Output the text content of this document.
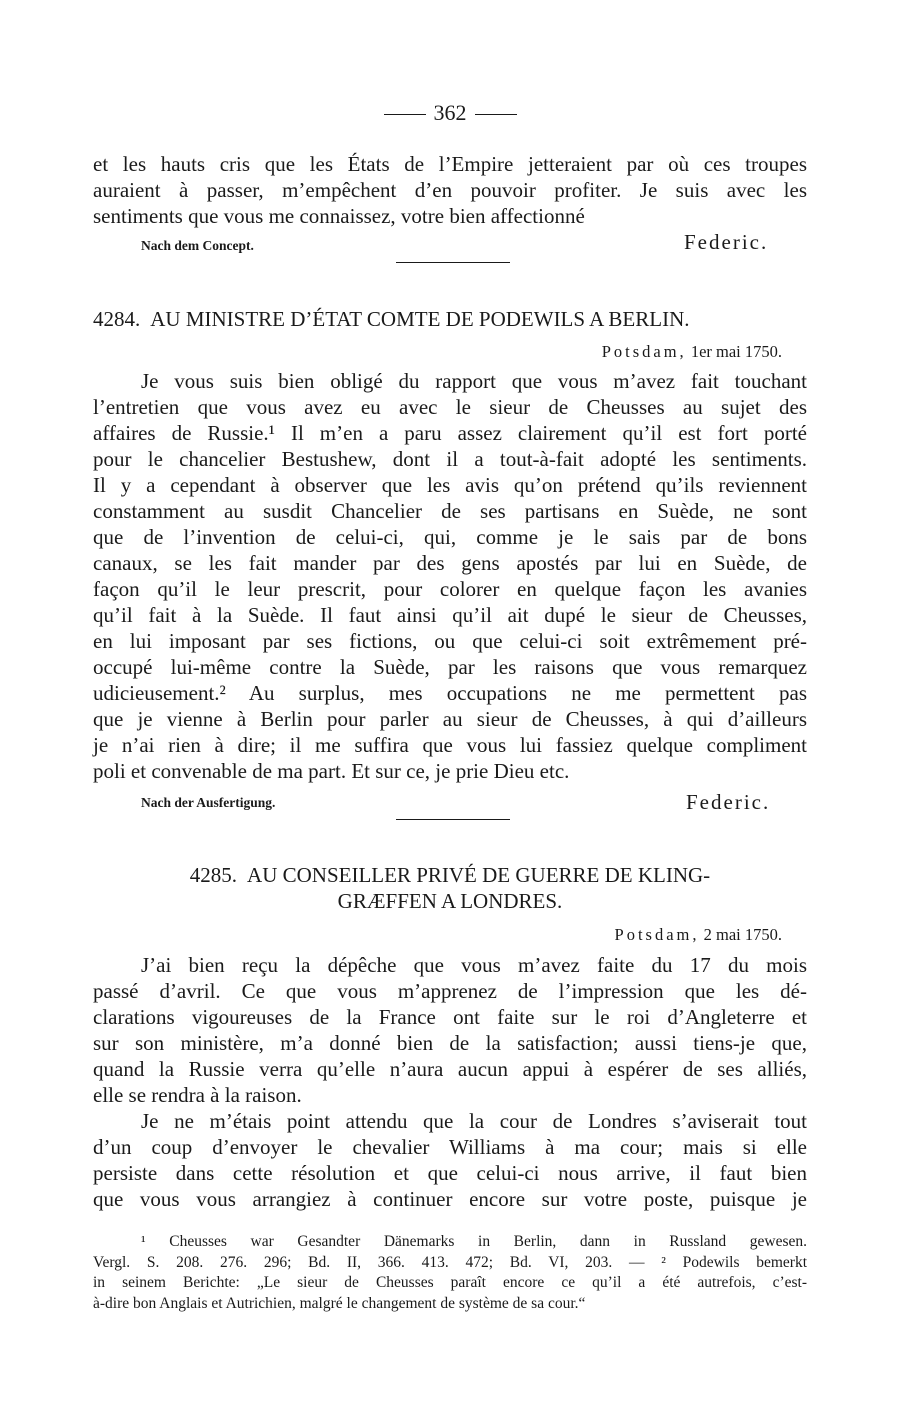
362
et les hauts cris que les États de l’Empire jetteraient par où ces troupes
auraient à passer, m’empêchent d’en pouvoir profiter. Je suis avec les
sentiments que vous me connaissez, votre bien affectionné
Nach dem Concept.	Federic.
4284. AU MINISTRE D’ÉTAT COMTE DE PODEWILS A BERLIN.
Potsdam, 1er mai 1750.
Je vous suis bien obligé du rapport que vous m’avez fait touchant
l’entretien que vous avez eu avec le sieur de Cheusses au sujet des
affaires de Russie.¹ Il m’en a paru assez clairement qu’il est fort porté
pour le chancelier Bestushew, dont il a tout-à-fait adopté les sentiments.
Il y a cependant à observer que les avis qu’on prétend qu’ils reviennent
constamment au susdit Chancelier de ses partisans en Suède, ne sont
que de l’invention de celui-ci, qui, comme je le sais par de bons
canaux, se les fait mander par des gens apostés par lui en Suède, de
façon qu’il le leur prescrit, pour colorer en quelque façon les avanies
qu’il fait à la Suède. Il faut ainsi qu’il ait dupé le sieur de Cheusses,
en lui imposant par ses fictions, ou que celui-ci soit extrêmement pré-
occupé lui-même contre la Suède, par les raisons que vous remarquez
udicieusement.² Au surplus, mes occupations ne me permettent pas
que je vienne à Berlin pour parler au sieur de Cheusses, à qui d’ailleurs
je n’ai rien à dire; il me suffira que vous lui fassiez quelque compliment
poli et convenable de ma part. Et sur ce, je prie Dieu etc.
Nach der Ausfertigung.	Federic.
4285. AU CONSEILLER PRIVÉ DE GUERRE DE KLING-
GRÆFFEN A LONDRES.
Potsdam, 2 mai 1750.
J’ai bien reçu la dépêche que vous m’avez faite du 17 du mois
passé d’avril. Ce que vous m’apprenez de l’impression que les dé-
clarations vigoureuses de la France ont faite sur le roi d’Angleterre et
sur son ministère, m’a donné bien de la satisfaction; aussi tiens-je que,
quand la Russie verra qu’elle n’aura aucun appui à espérer de ses alliés,
elle se rendra à la raison.
Je ne m’étais point attendu que la cour de Londres s’aviserait tout
d’un coup d’envoyer le chevalier Williams à ma cour; mais si elle
persiste dans cette résolution et que celui-ci nous arrive, il faut bien
que vous vous arrangiez à continuer encore sur votre poste, puisque je
¹ Cheusses war Gesandter Dänemarks in Berlin, dann in Russland gewesen.
Vergl. S. 208. 276. 296; Bd. II, 366. 413. 472; Bd. VI, 203. — ² Podewils bemerkt
in seinem Berichte: „Le sieur de Cheusses paraît encore ce qu’il a été autrefois, c’est-
à-dire bon Anglais et Autrichien, malgré le changement de système de sa cour.“
